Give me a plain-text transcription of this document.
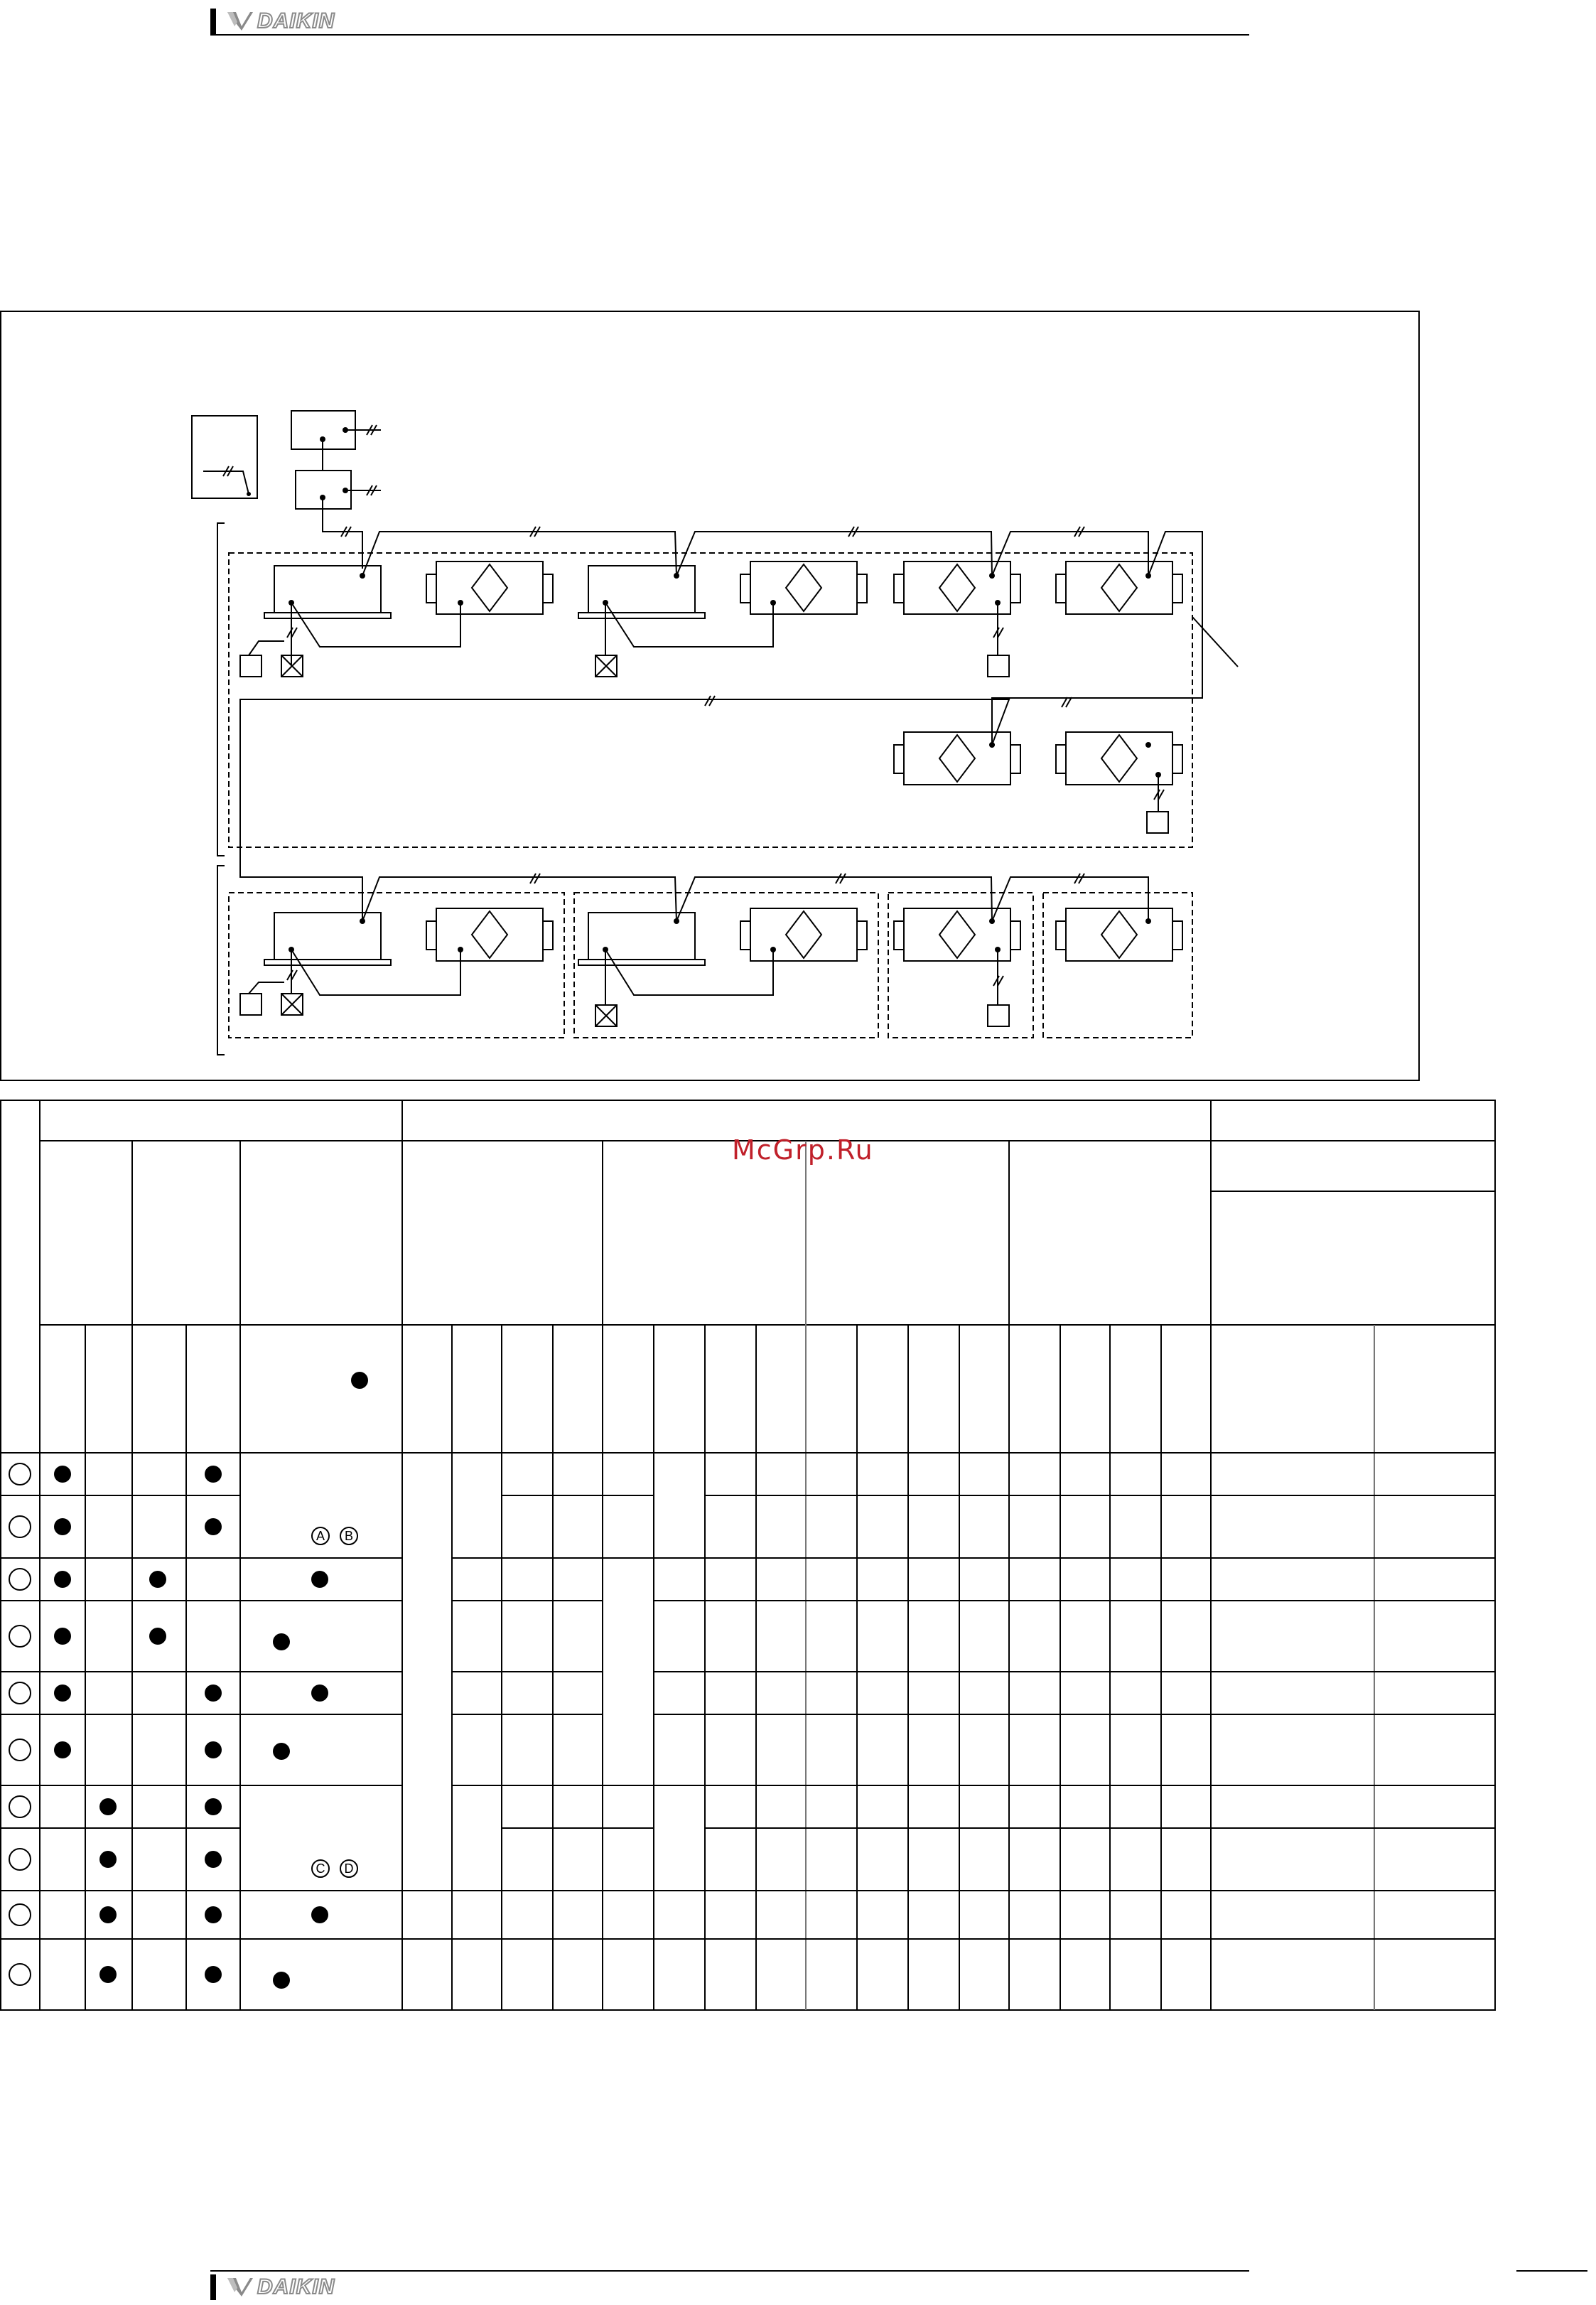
DAIKIN
DAIKIN
A	B
C	D
McGrp.Ru
